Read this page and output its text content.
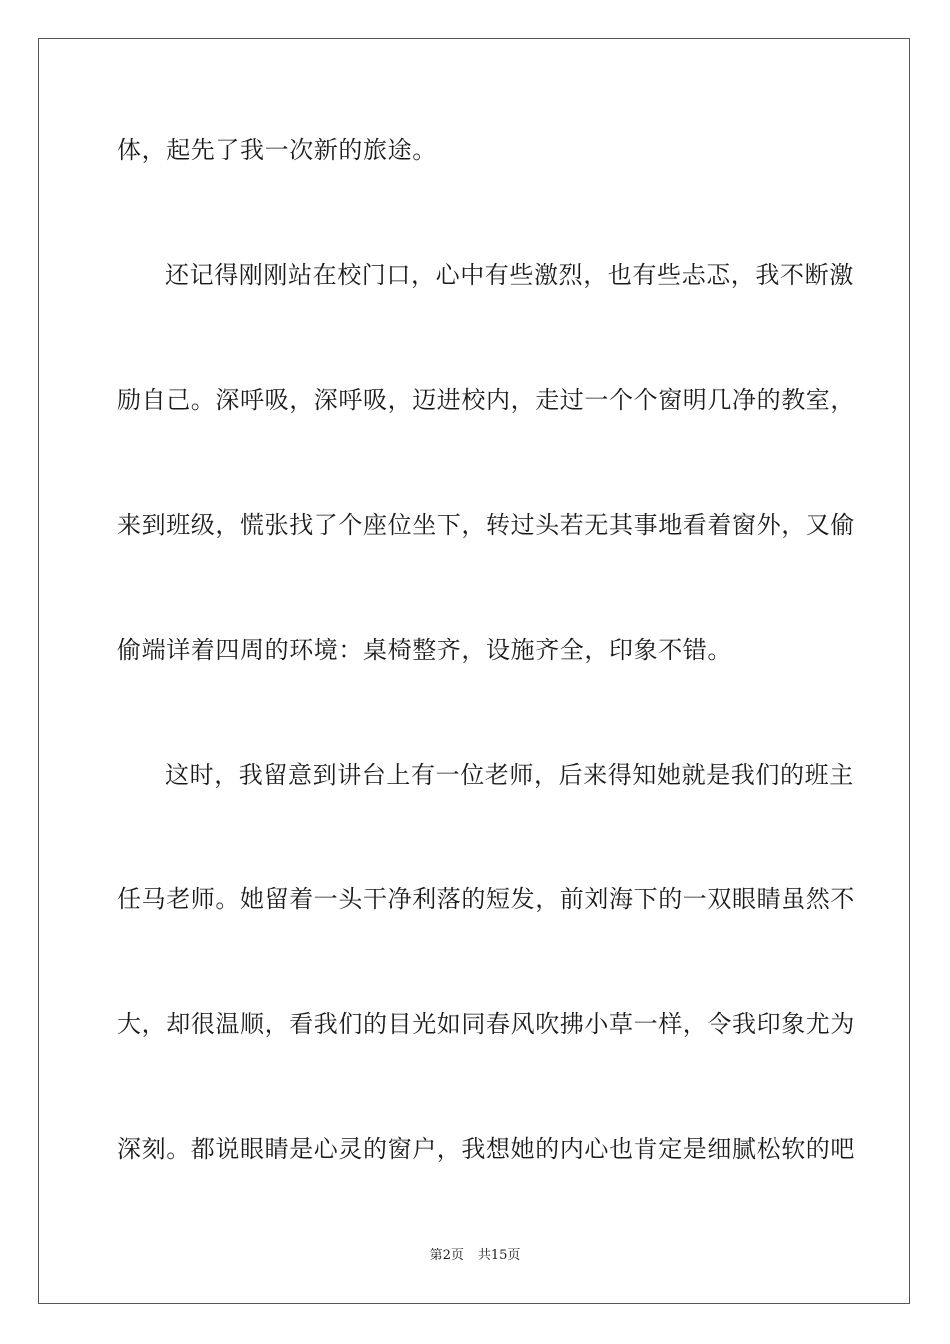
体，起先了我一次新的旅途。
还记得刚刚站在校门口，心中有些激烈，也有些忐忑，我不断激
励自己。深呼吸，深呼吸，迈进校内，走过一个个窗明几净的教室，
来到班级，慌张找了个座位坐下，转过头若无其事地看着窗外，又偷
偷端详着四周的环境：桌椅整齐，设施齐全，印象不错。
这时，我留意到讲台上有一位老师，后来得知她就是我们的班主
任马老师。她留着一头干净利落的短发，前刘海下的一双眼睛虽然不
大，却很温顺，看我们的目光如同春风吹拂小草一样，令我印象尤为
深刻。都说眼睛是心灵的窗户，我想她的内心也肯定是细腻松软的吧
第2页 共15页
